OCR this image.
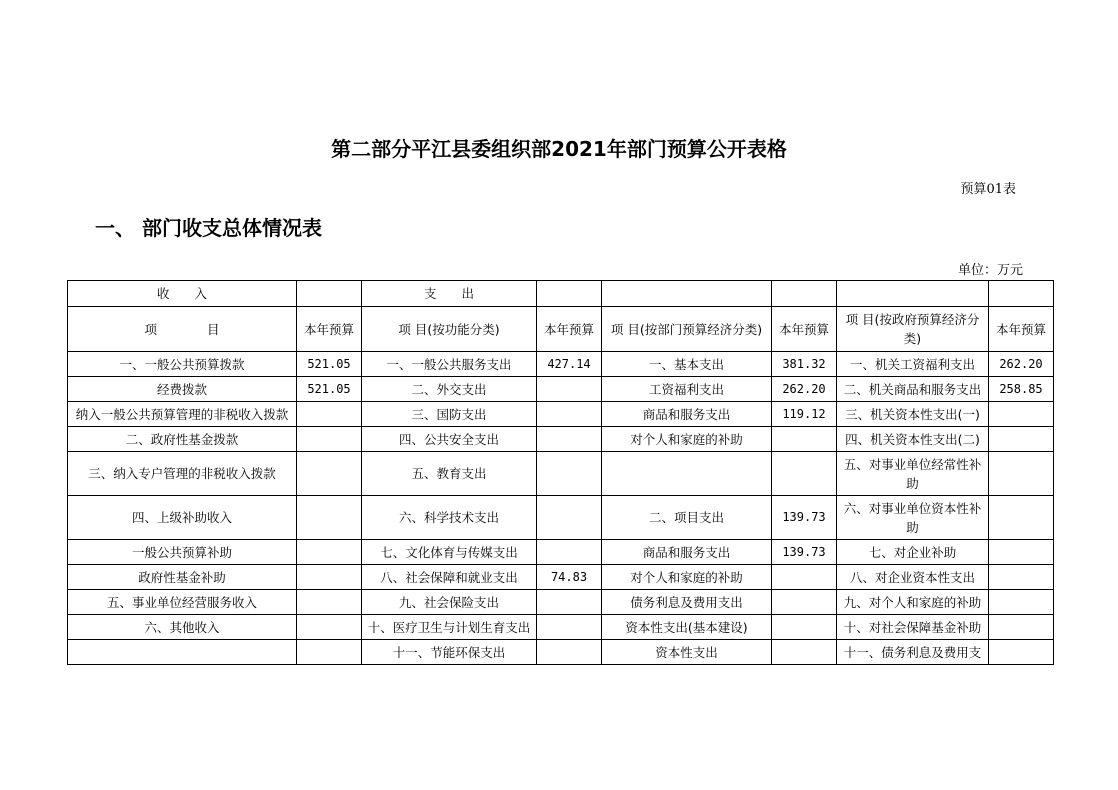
第二部分平江县委组织部2021年部门预算公开表格
预算01表
一、 部门收支总体情况表
单位：万元
收　　入		支　　出					
项　　　　目	本年预算	项 目(按功能分类)	本年预算	项 目(按部门预算经济分类)	本年预算	项 目(按政府预算经济分类)	本年预算
一、一般公共预算拨款	521.05	一、一般公共服务支出	427.14	一、基本支出	381.32	一、机关工资福利支出	262.20
经费拨款	521.05	二、外交支出		工资福利支出	262.20	二、机关商品和服务支出	258.85
纳入一般公共预算管理的非税收入拨款		三、国防支出		商品和服务支出	119.12	三、机关资本性支出(一)	
二、政府性基金拨款		四、公共安全支出		对个人和家庭的补助		四、机关资本性支出(二)	
三、纳入专户管理的非税收入拨款		五、教育支出				五、对事业单位经常性补助	
四、上级补助收入		六、科学技术支出		二、项目支出	139.73	六、对事业单位资本性补助	
一般公共预算补助		七、文化体育与传媒支出		商品和服务支出	139.73	七、对企业补助	
政府性基金补助		八、社会保障和就业支出	74.83	对个人和家庭的补助		八、对企业资本性支出	
五、事业单位经营服务收入		九、社会保险支出		债务利息及费用支出		九、对个人和家庭的补助	
六、其他收入		十、医疗卫生与计划生育支出		资本性支出(基本建设)		十、对社会保障基金补助	
		十一、节能环保支出		资本性支出		十一、债务利息及费用支	
